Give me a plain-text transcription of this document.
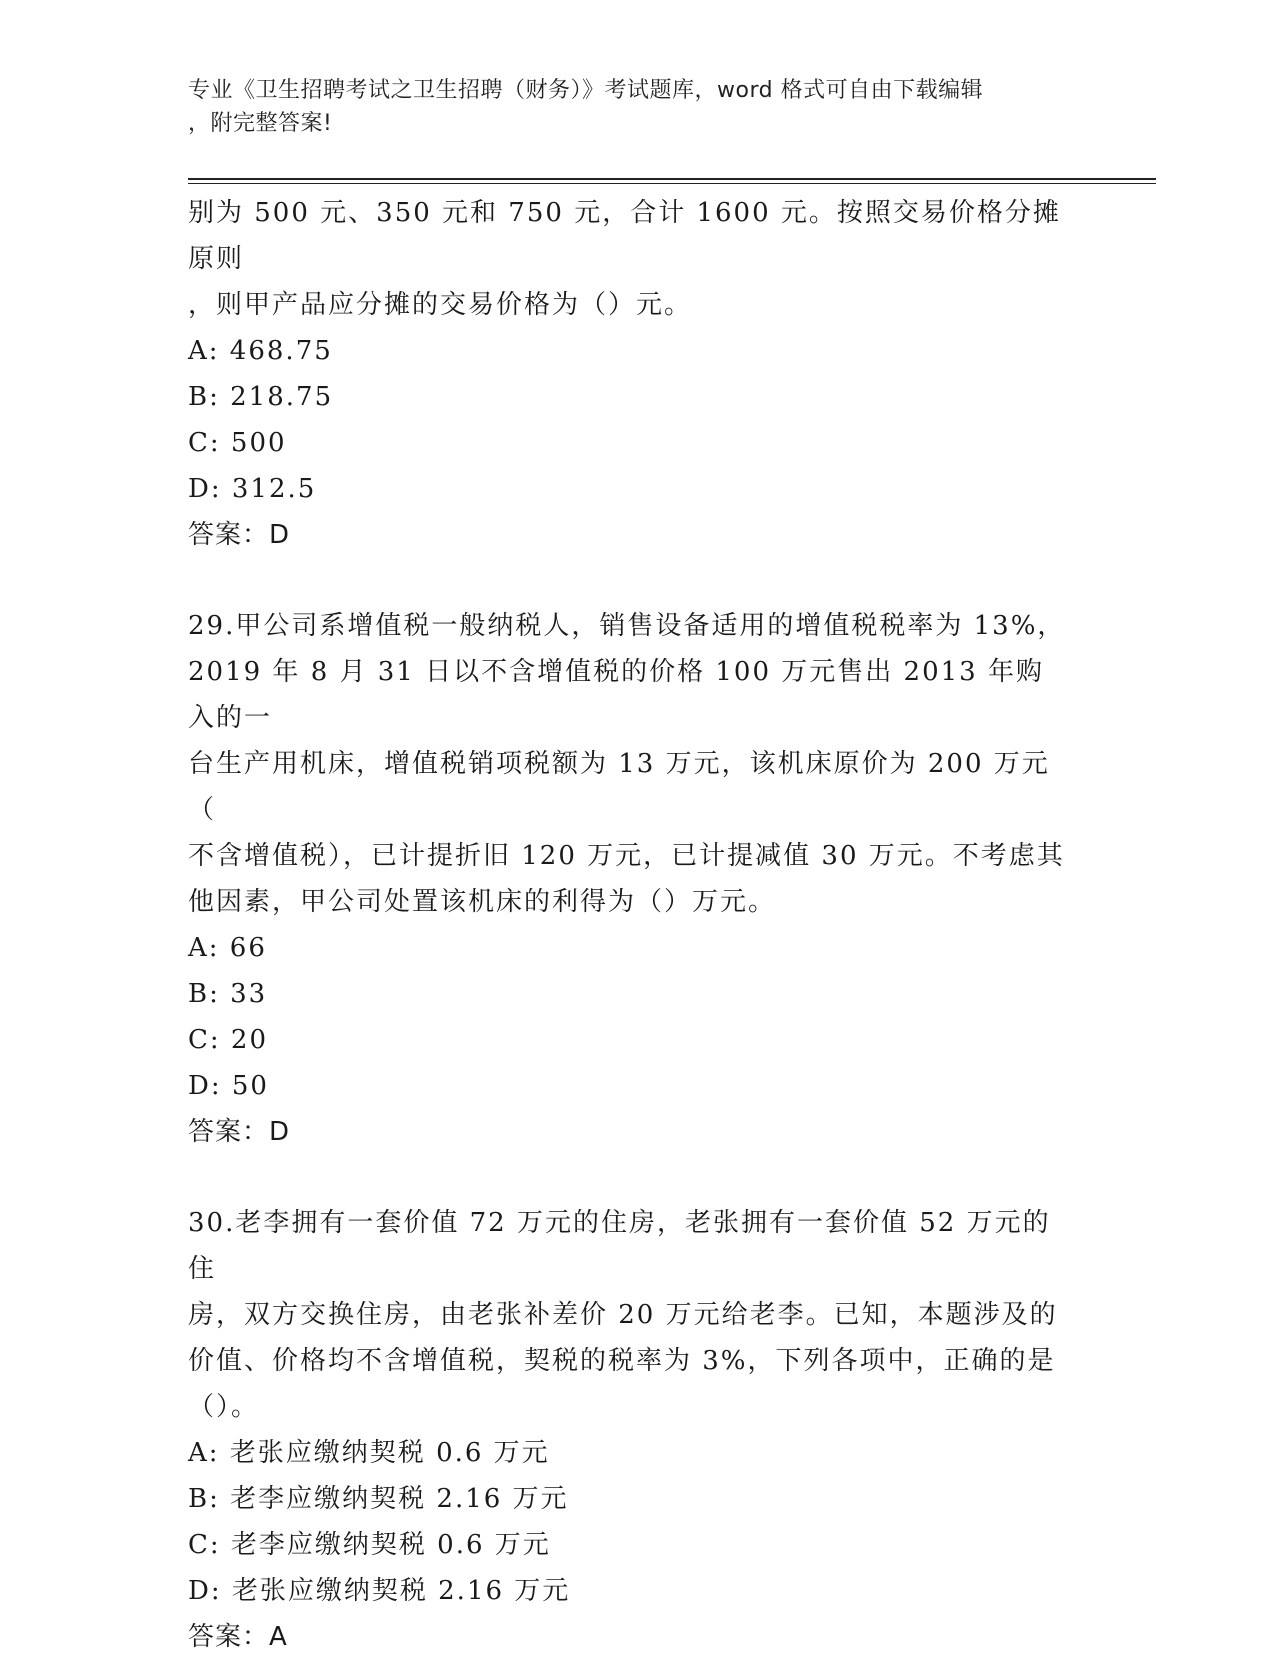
专业《卫生招聘考试之卫生招聘（财务）》考试题库，word 格式可自由下载编辑
，附完整答案!
别为 500 元、350 元和 750 元，合计 1600 元。按照交易价格分摊原则
，则甲产品应分摊的交易价格为（）元。
A: 468.75
B: 218.75
C: 500
D: 312.5
答案：D
29.甲公司系增值税一般纳税人，销售设备适用的增值税税率为 13%，
2019 年 8 月 31 日以不含增值税的价格 100 万元售出 2013 年购入的一
台生产用机床，增值税销项税额为 13 万元，该机床原价为 200 万元（
不含增值税），已计提折旧 120 万元，已计提减值 30 万元。不考虑其
他因素，甲公司处置该机床的利得为（）万元。
A: 66
B: 33
C: 20
D: 50
答案：D
30.老李拥有一套价值 72 万元的住房，老张拥有一套价值 52 万元的住
房，双方交换住房，由老张补差价 20 万元给老李。已知，本题涉及的
价值、价格均不含增值税，契税的税率为 3%，下列各项中，正确的是
（）。
A: 老张应缴纳契税 0.6 万元
B: 老李应缴纳契税 2.16 万元
C: 老李应缴纳契税 0.6 万元
D: 老张应缴纳契税 2.16 万元
答案：A
